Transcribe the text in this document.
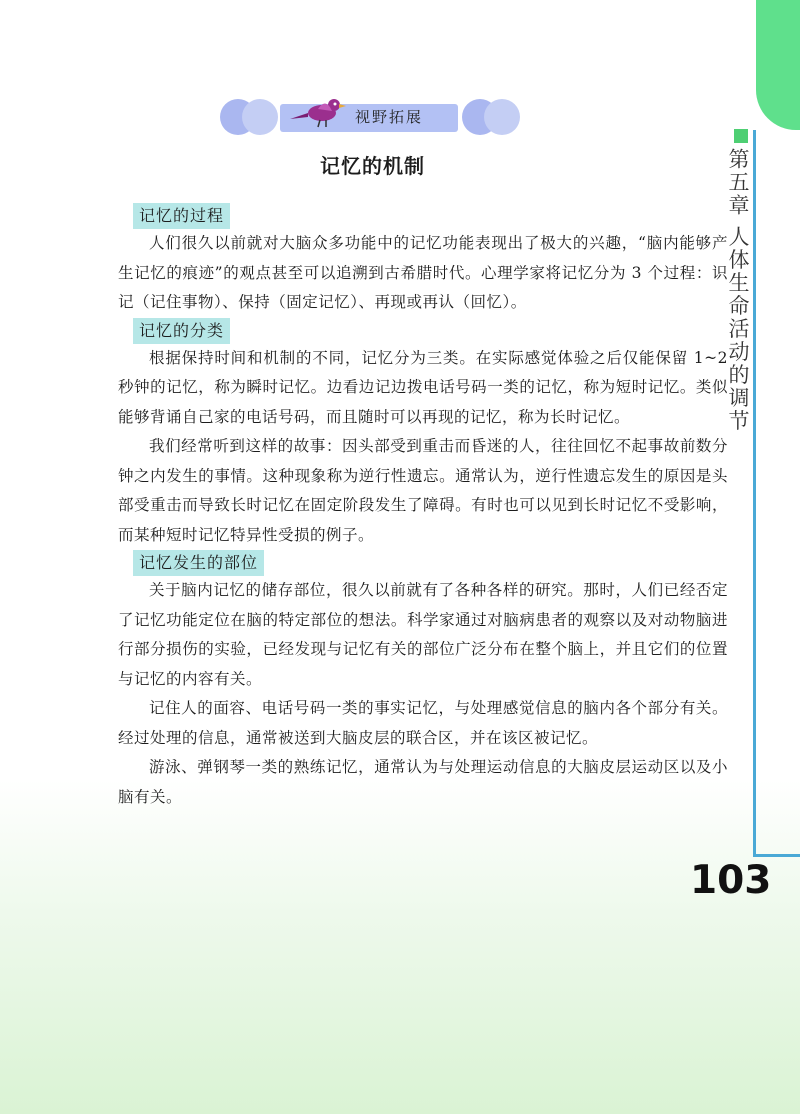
第五章 人体生命活动的调节
视野拓展
记忆的机制
记忆的过程

人们很久以前就对大脑众多功能中的记忆功能表现出了极大的兴趣，“脑内能够产生记忆的痕迹”的观点甚至可以追溯到古希腊时代。心理学家将记忆分为 3 个过程：识记（记住事物）、保持（固定记忆）、再现或再认（回忆）。

记忆的分类

根据保持时间和机制的不同，记忆分为三类。在实际感觉体验之后仅能保留 1~2 秒钟的记忆，称为瞬时记忆。边看边记边拨电话号码一类的记忆，称为短时记忆。类似能够背诵自己家的电话号码，而且随时可以再现的记忆，称为长时记忆。

我们经常听到这样的故事：因头部受到重击而昏迷的人，往往回忆不起事故前数分钟之内发生的事情。这种现象称为逆行性遗忘。通常认为，逆行性遗忘发生的原因是头部受重击而导致长时记忆在固定阶段发生了障碍。有时也可以见到长时记忆不受影响，而某种短时记忆特异性受损的例子。

记忆发生的部位

关于脑内记忆的储存部位，很久以前就有了各种各样的研究。那时，人们已经否定了记忆功能定位在脑的特定部位的想法。科学家通过对脑病患者的观察以及对动物脑进行部分损伤的实验，已经发现与记忆有关的部位广泛分布在整个脑上，并且它们的位置与记忆的内容有关。

记住人的面容、电话号码一类的事实记忆，与处理感觉信息的脑内各个部分有关。经过处理的信息，通常被送到大脑皮层的联合区，并在该区被记忆。

游泳、弹钢琴一类的熟练记忆，通常认为与处理运动信息的大脑皮层运动区以及小脑有关。

103
